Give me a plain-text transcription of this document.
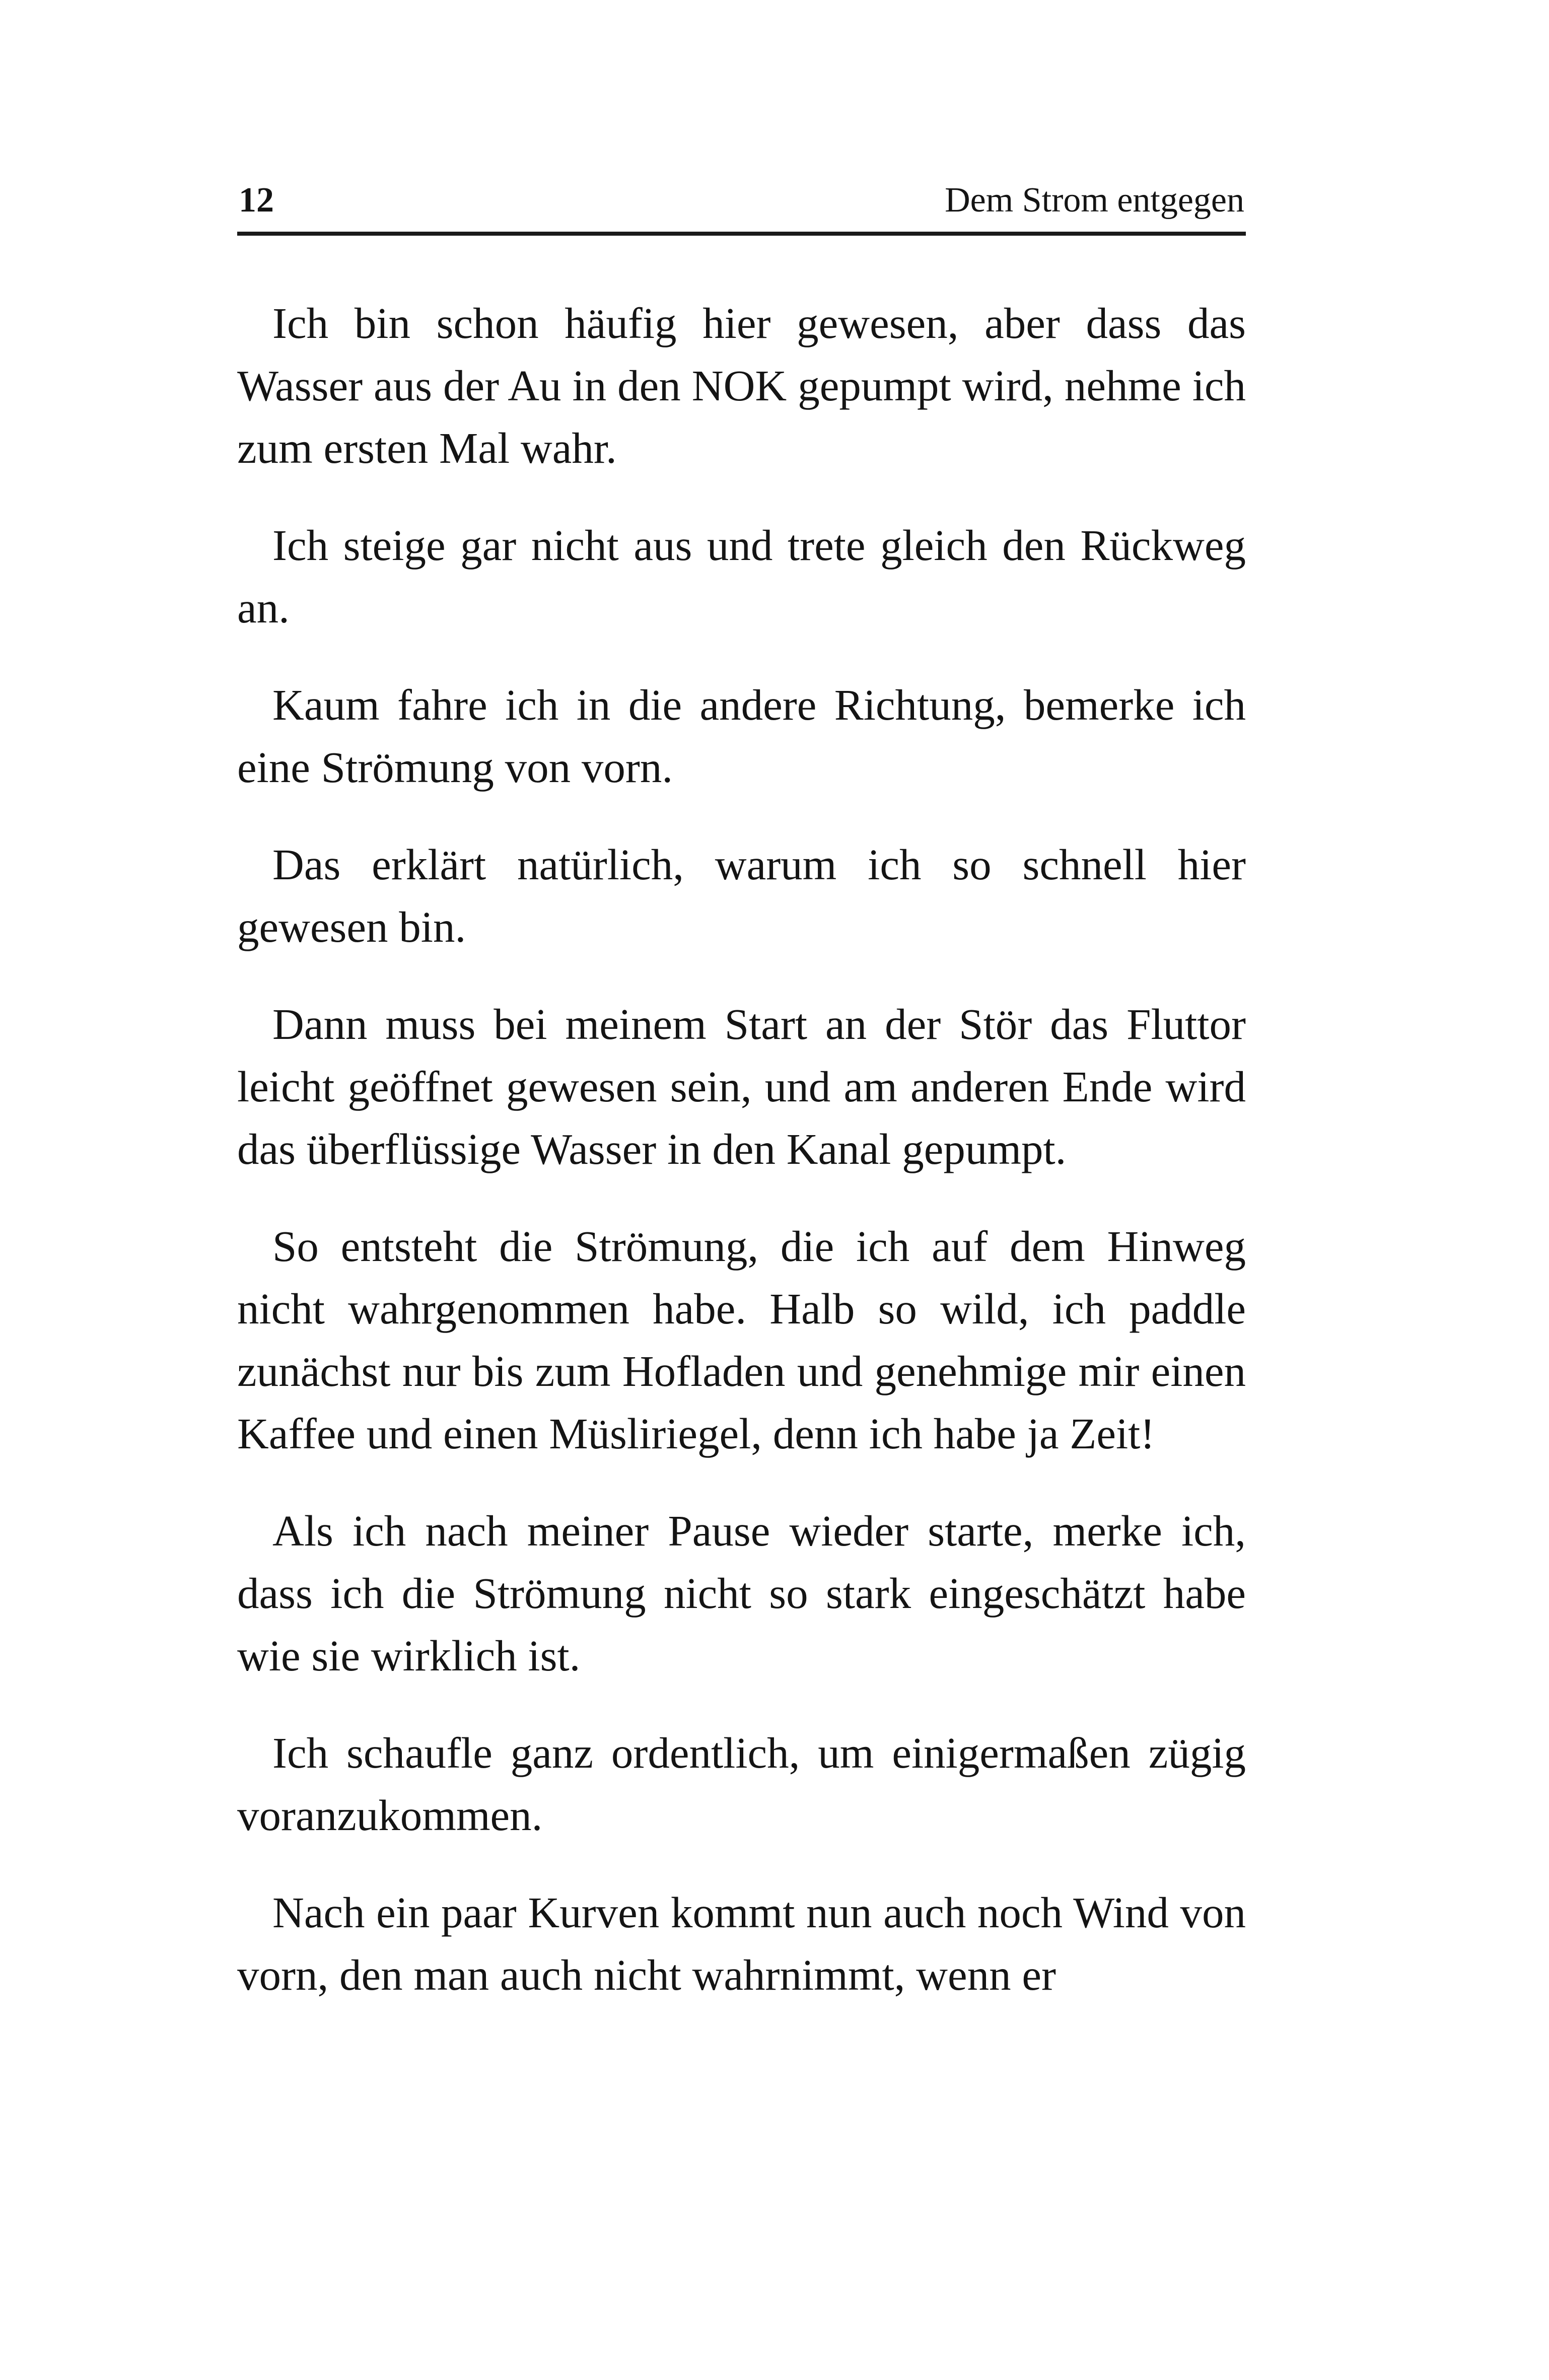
12	Dem Strom entgegen

Ich bin schon häufig hier gewesen, aber dass das Wasser aus der Au in den NOK gepumpt wird, nehme ich zum ersten Mal wahr.

Ich steige gar nicht aus und trete gleich den Rückweg an.

Kaum fahre ich in die andere Richtung, bemerke ich eine Strömung von vorn.

Das erklärt natürlich, warum ich so schnell hier gewesen bin.

Dann muss bei meinem Start an der Stör das Fluttor leicht geöffnet gewesen sein, und am anderen Ende wird das überflüssige Wasser in den Kanal gepumpt.

So entsteht die Strömung, die ich auf dem Hinweg nicht wahrgenommen habe. Halb so wild, ich paddle zunächst nur bis zum Hofladen und genehmige mir einen Kaffee und einen Müsliriegel, denn ich habe ja Zeit!

Als ich nach meiner Pause wieder starte, merke ich, dass ich die Strömung nicht so stark eingeschätzt habe wie sie wirklich ist.

Ich schaufle ganz ordentlich, um einigermaßen zügig voranzukommen.

Nach ein paar Kurven kommt nun auch noch Wind von vorn, den man auch nicht wahrnimmt, wenn er
